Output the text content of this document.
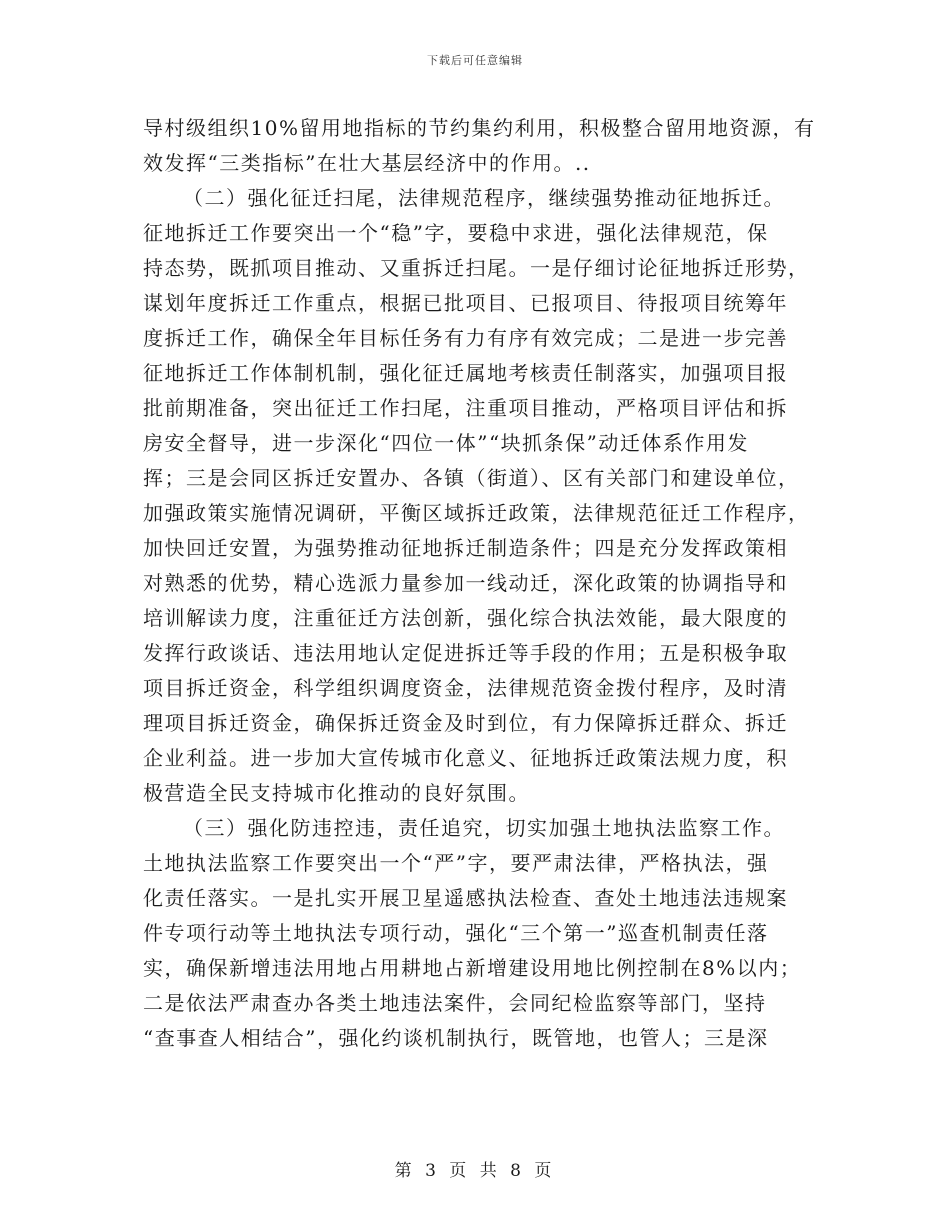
下载后可任意编辑
导村级组织10%留用地指标的节约集约利用，积极整合留用地资源，有
效发挥“三类指标”在壮大基层经济中的作用。..
（二）强化征迁扫尾，法律规范程序，继续强势推动征地拆迁。
征地拆迁工作要突出一个“稳”字，要稳中求进，强化法律规范，保
持态势，既抓项目推动、又重拆迁扫尾。一是仔细讨论征地拆迁形势，
谋划年度拆迁工作重点，根据已批项目、已报项目、待报项目统筹年
度拆迁工作，确保全年目标任务有力有序有效完成；二是进一步完善
征地拆迁工作体制机制，强化征迁属地考核责任制落实，加强项目报
批前期准备，突出征迁工作扫尾，注重项目推动，严格项目评估和拆
房安全督导，进一步深化“四位一体”“块抓条保”动迁体系作用发
挥；三是会同区拆迁安置办、各镇（街道）、区有关部门和建设单位，
加强政策实施情况调研，平衡区域拆迁政策，法律规范征迁工作程序，
加快回迁安置，为强势推动征地拆迁制造条件；四是充分发挥政策相
对熟悉的优势，精心选派力量参加一线动迁，深化政策的协调指导和
培训解读力度，注重征迁方法创新，强化综合执法效能，最大限度的
发挥行政谈话、违法用地认定促进拆迁等手段的作用；五是积极争取
项目拆迁资金，科学组织调度资金，法律规范资金拨付程序，及时清
理项目拆迁资金，确保拆迁资金及时到位，有力保障拆迁群众、拆迁
企业利益。进一步加大宣传城市化意义、征地拆迁政策法规力度，积
极营造全民支持城市化推动的良好氛围。
（三）强化防违控违，责任追究，切实加强土地执法监察工作。
土地执法监察工作要突出一个“严”字，要严肃法律，严格执法，强
化责任落实。一是扎实开展卫星遥感执法检查、查处土地违法违规案
件专项行动等土地执法专项行动，强化“三个第一”巡查机制责任落
实，确保新增违法用地占用耕地占新增建设用地比例控制在8%以内；
二是依法严肃查办各类土地违法案件，会同纪检监察等部门，坚持
“查事查人相结合”，强化约谈机制执行，既管地，也管人；三是深
第 3 页 共 8 页
